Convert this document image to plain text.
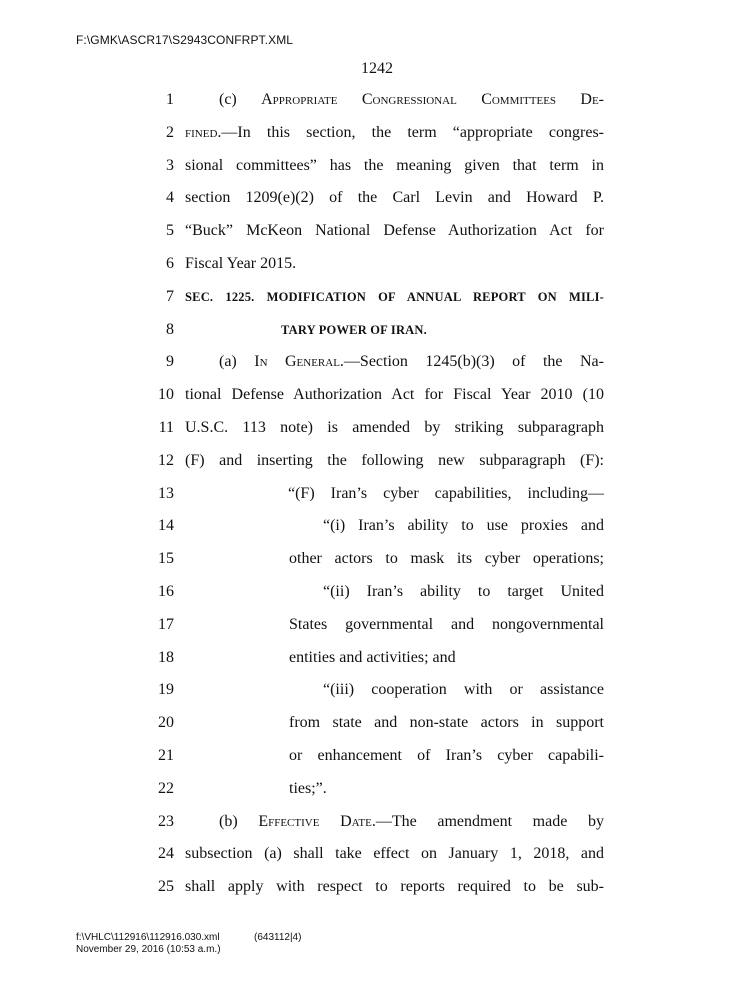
F:\GMK\ASCR17\S2943CONFRPT.XML
1242
1	(c) Appropriate Congressional Committees De-
2 fined.—In this section, the term “appropriate congres-
3 sional committees” has the meaning given that term in
4 section 1209(e)(2) of the Carl Levin and Howard P.
5 “Buck” McKeon National Defense Authorization Act for
6 Fiscal Year 2015.
7 SEC. 1225. MODIFICATION OF ANNUAL REPORT ON MILI-
8	TARY POWER OF IRAN.
9	(a) In General.—Section 1245(b)(3) of the Na-
10 tional Defense Authorization Act for Fiscal Year 2010 (10
11 U.S.C. 113 note) is amended by striking subparagraph
12 (F) and inserting the following new subparagraph (F):
13	“(F) Iran’s cyber capabilities, including—
14	“(i) Iran’s ability to use proxies and
15	other actors to mask its cyber operations;
16	“(ii) Iran’s ability to target United
17	States governmental and nongovernmental
18	entities and activities; and
19	“(iii) cooperation with or assistance
20	from state and non-state actors in support
21	or enhancement of Iran’s cyber capabili-
22	ties;”.
23	(b) Effective Date.—The amendment made by
24 subsection (a) shall take effect on January 1, 2018, and
25 shall apply with respect to reports required to be sub-
f:\VHLC\112916\112916.030.xml	(643112|4)
November 29, 2016 (10:53 a.m.)
